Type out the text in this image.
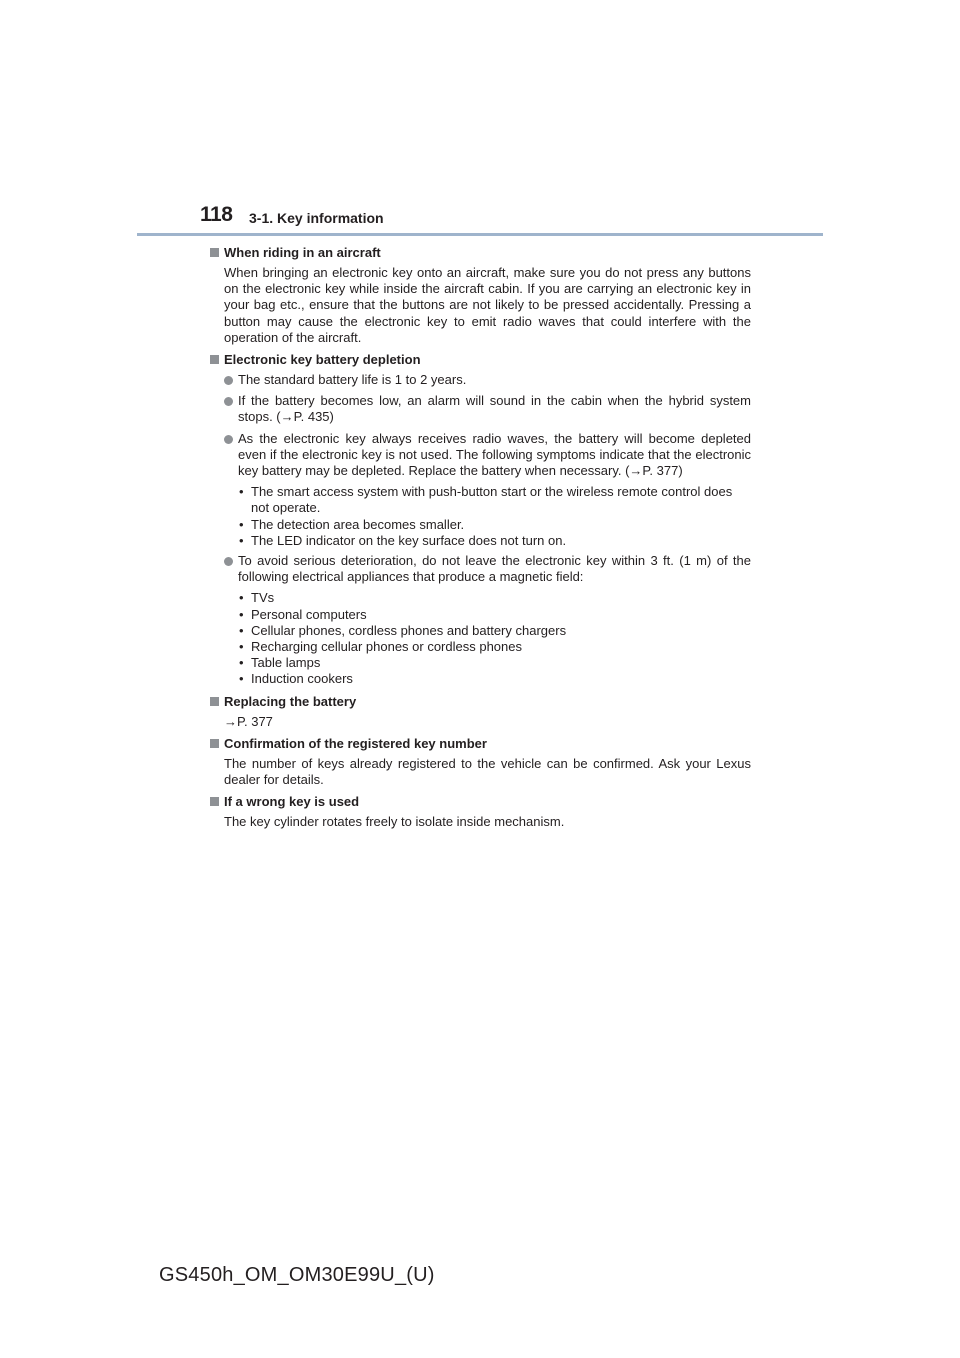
118 3-1. Key information
When riding in an aircraft
When bringing an electronic key onto an aircraft, make sure you do not press any buttons on the electronic key while inside the aircraft cabin. If you are carrying an electronic key in your bag etc., ensure that the buttons are not likely to be pressed accidentally. Pressing a button may cause the electronic key to emit radio waves that could interfere with the operation of the aircraft.
Electronic key battery depletion
The standard battery life is 1 to 2 years.
If the battery becomes low, an alarm will sound in the cabin when the hybrid system stops. (→P. 435)
As the electronic key always receives radio waves, the battery will become depleted even if the electronic key is not used. The following symptoms indicate that the electronic key battery may be depleted. Replace the battery when necessary. (→P. 377)
• The smart access system with push-button start or the wireless remote control does not operate.
• The detection area becomes smaller.
• The LED indicator on the key surface does not turn on.
To avoid serious deterioration, do not leave the electronic key within 3 ft. (1 m) of the following electrical appliances that produce a magnetic field:
• TVs
• Personal computers
• Cellular phones, cordless phones and battery chargers
• Recharging cellular phones or cordless phones
• Table lamps
• Induction cookers
Replacing the battery
→P. 377
Confirmation of the registered key number
The number of keys already registered to the vehicle can be confirmed. Ask your Lexus dealer for details.
If a wrong key is used
The key cylinder rotates freely to isolate inside mechanism.
GS450h_OM_OM30E99U_(U)
